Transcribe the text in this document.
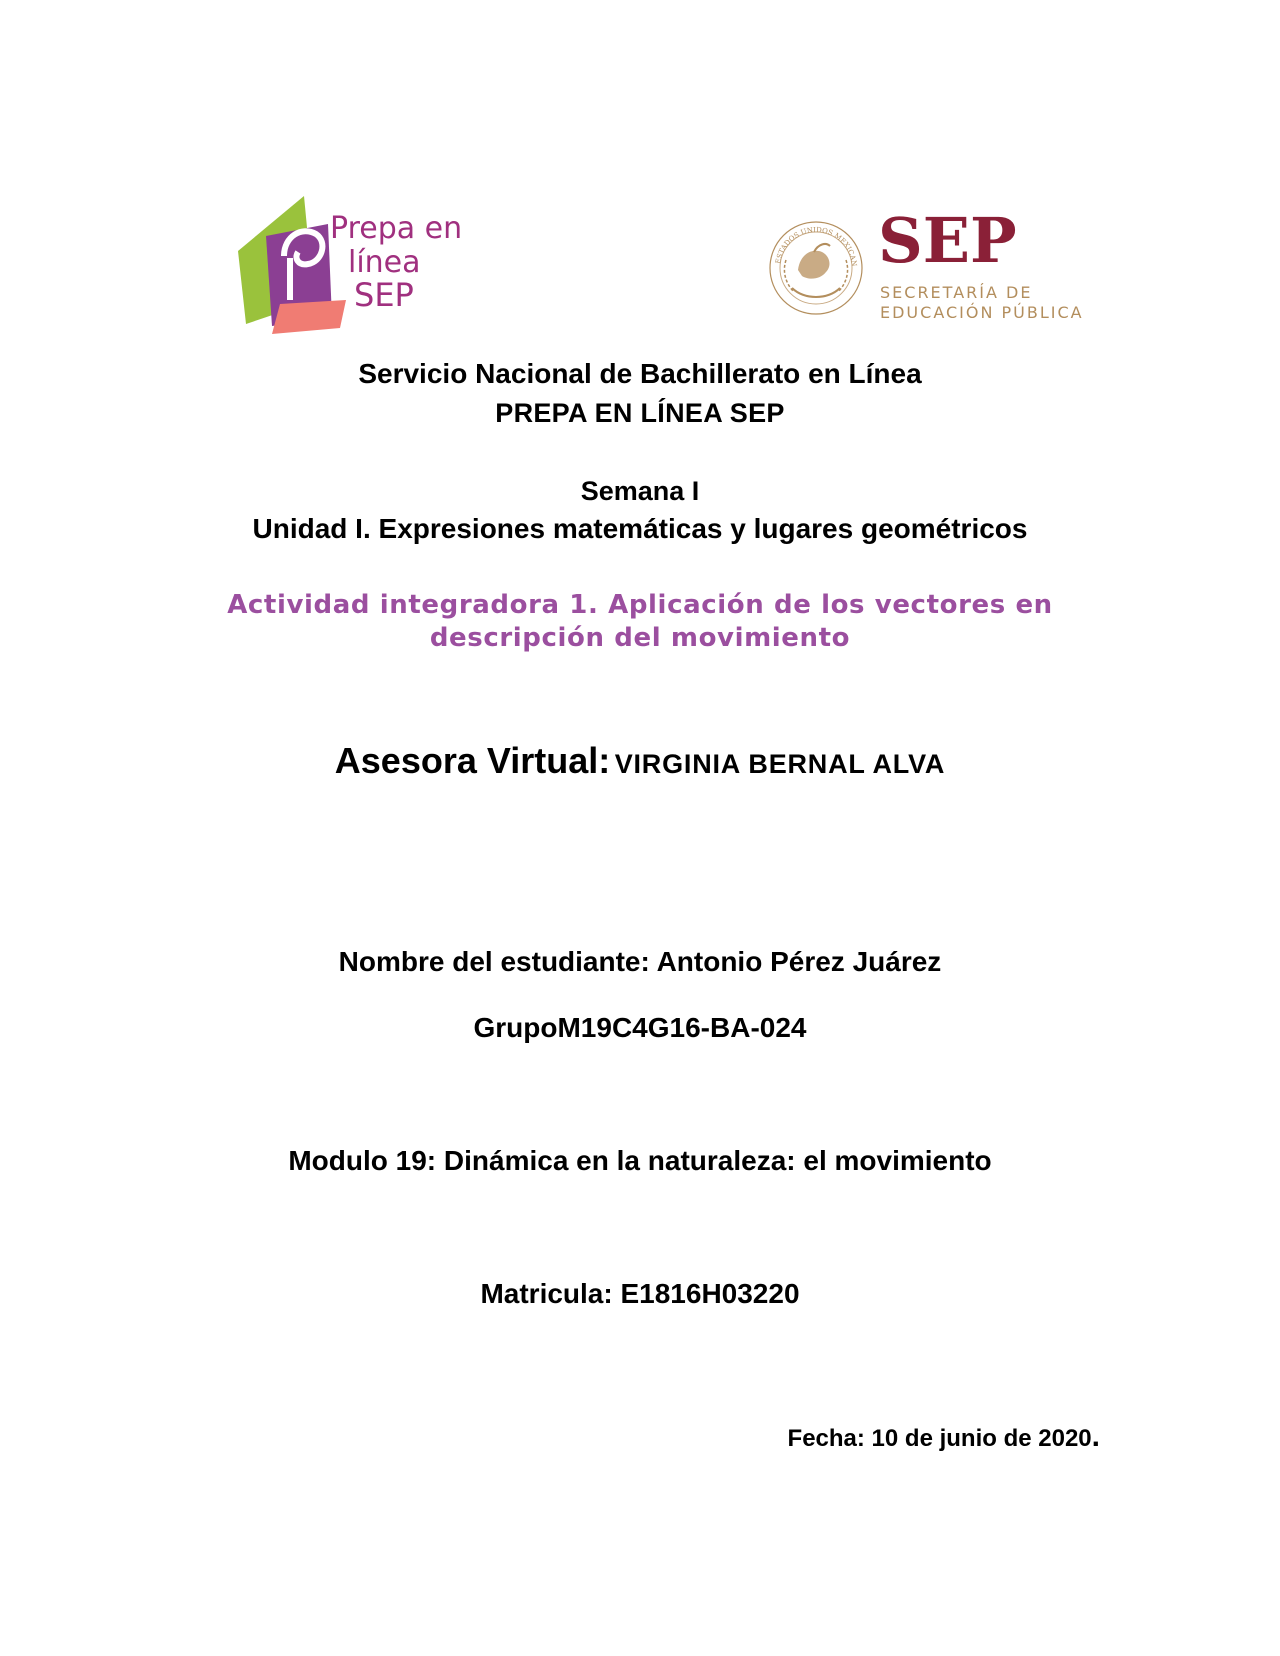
Prepa en
línea
SEP
ESTADOS UNIDOS MEXICAN SEP
SECRETARÍA DE
EDUCACIÓN PÚBLICA
Servicio Nacional de Bachillerato en Línea
PREPA EN LÍNEA SEP
Semana I
Unidad I. Expresiones matemáticas y lugares geométricos
Actividad integradora 1. Aplicación de los vectores en
descripción del movimiento
Asesora Virtual: VIRGINIA BERNAL ALVA
Nombre del estudiante: Antonio Pérez Juárez
GrupoM19C4G16-BA-024
Modulo 19: Dinámica en la naturaleza: el movimiento
Matricula: E1816H03220
Fecha: 10 de junio de 2020.
